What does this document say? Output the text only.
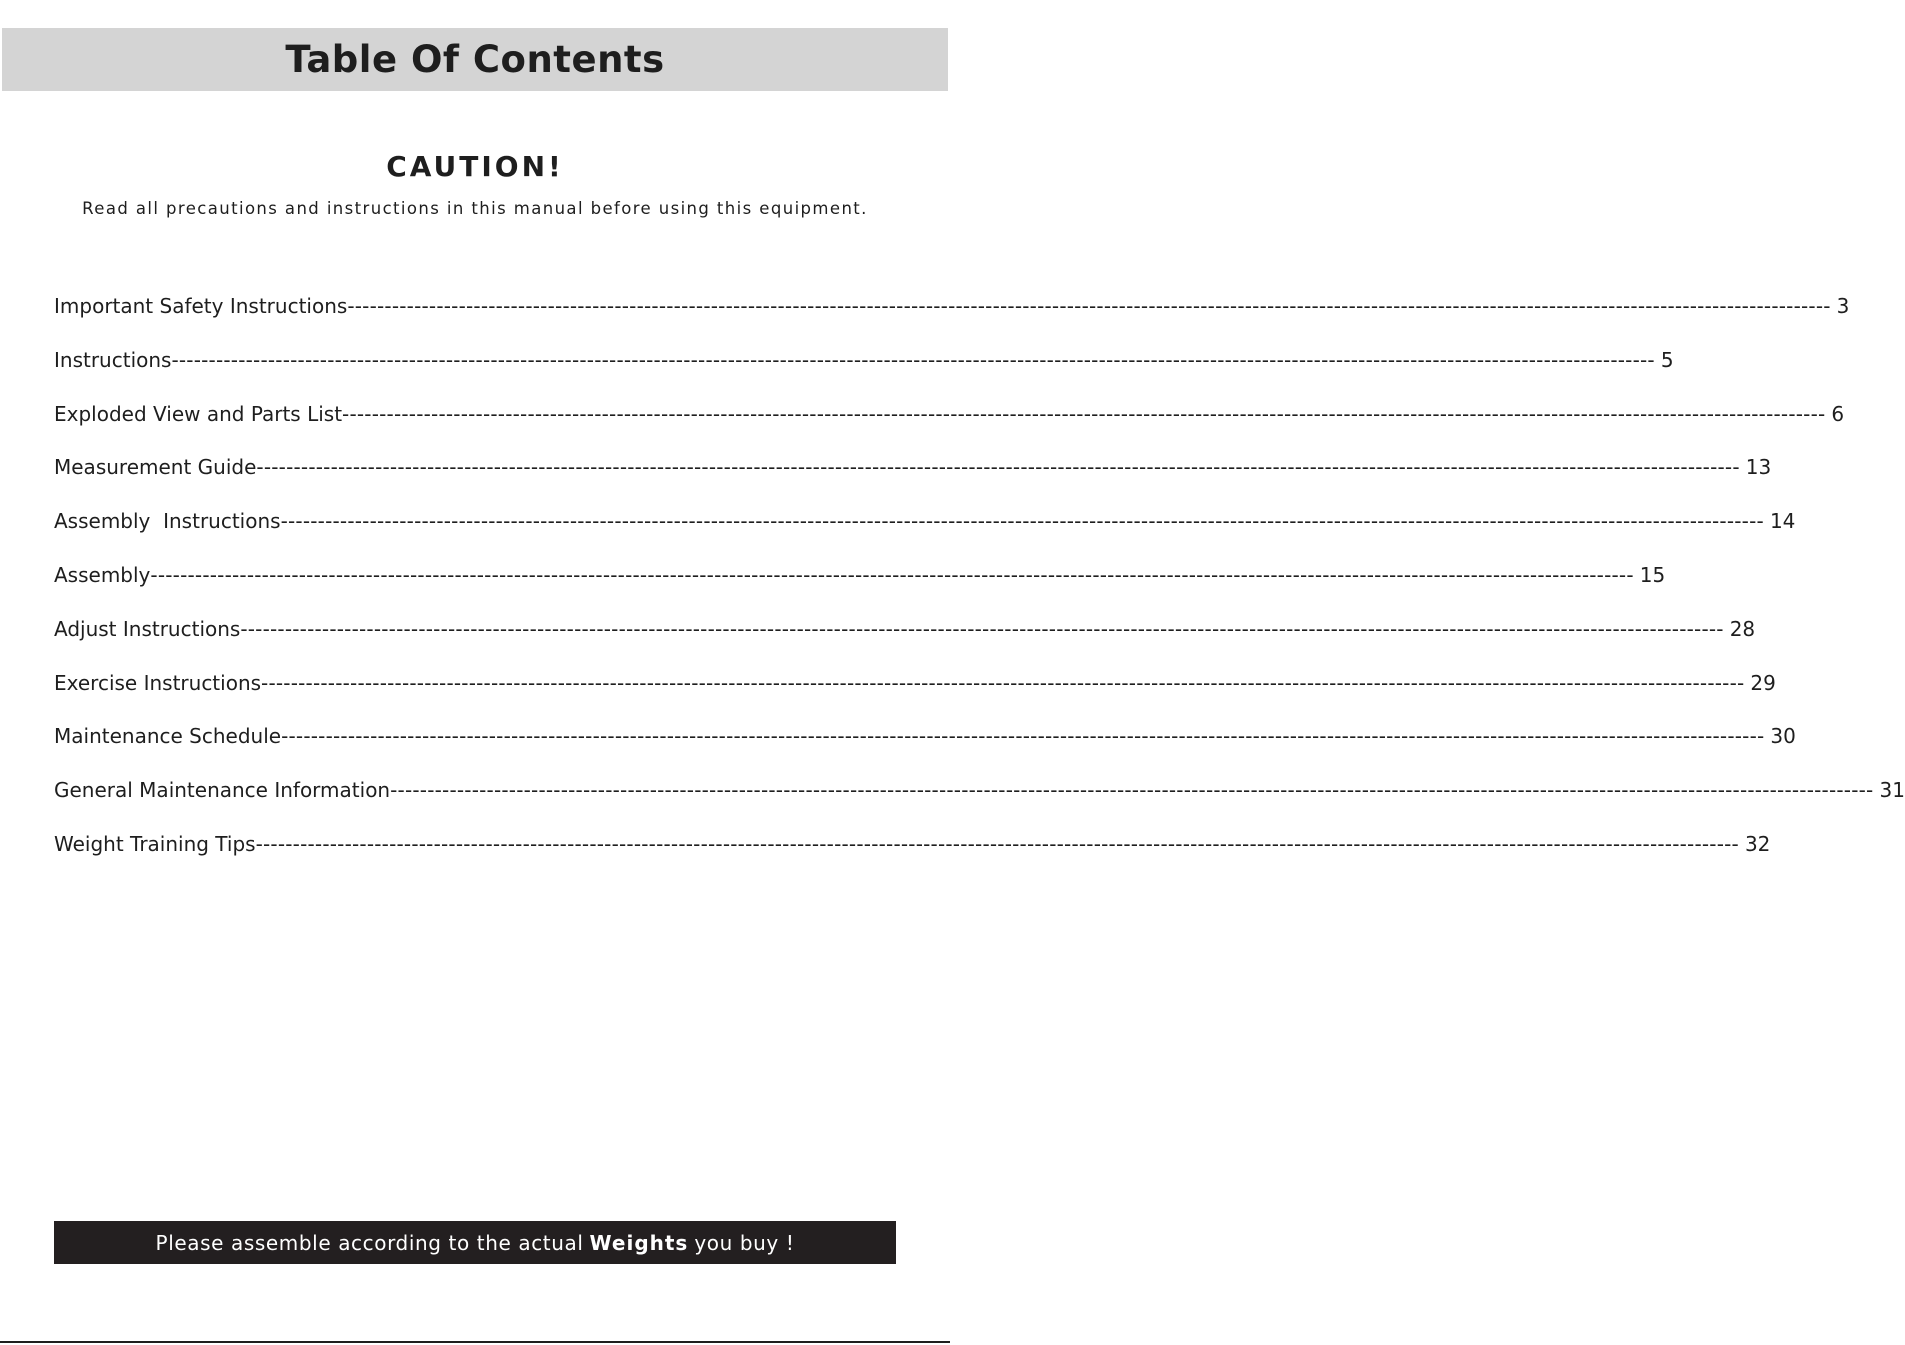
Table Of Contents
CAUTION!
Read all precautions and instructions in this manual before using this equipment.
Important Safety Instructions -------------------------------------------------------------------------------------------------------------------------------------------------------------------------------------------------------- 3
Instructions -------------------------------------------------------------------------------------------------------------------------------------------------------------------------------------------------------- 5
Exploded View and Parts List -------------------------------------------------------------------------------------------------------------------------------------------------------------------------------------------------------- 6
Measurement Guide -------------------------------------------------------------------------------------------------------------------------------------------------------------------------------------------------------- 13
Assembly  Instructions -------------------------------------------------------------------------------------------------------------------------------------------------------------------------------------------------------- 14
Assembly -------------------------------------------------------------------------------------------------------------------------------------------------------------------------------------------------------- 15
Adjust Instructions -------------------------------------------------------------------------------------------------------------------------------------------------------------------------------------------------------- 28
Exercise Instructions -------------------------------------------------------------------------------------------------------------------------------------------------------------------------------------------------------- 29
Maintenance Schedule -------------------------------------------------------------------------------------------------------------------------------------------------------------------------------------------------------- 30
General Maintenance Information -------------------------------------------------------------------------------------------------------------------------------------------------------------------------------------------------------- 31
Weight Training Tips -------------------------------------------------------------------------------------------------------------------------------------------------------------------------------------------------------- 32
Please assemble according to the actual Weights you buy !
